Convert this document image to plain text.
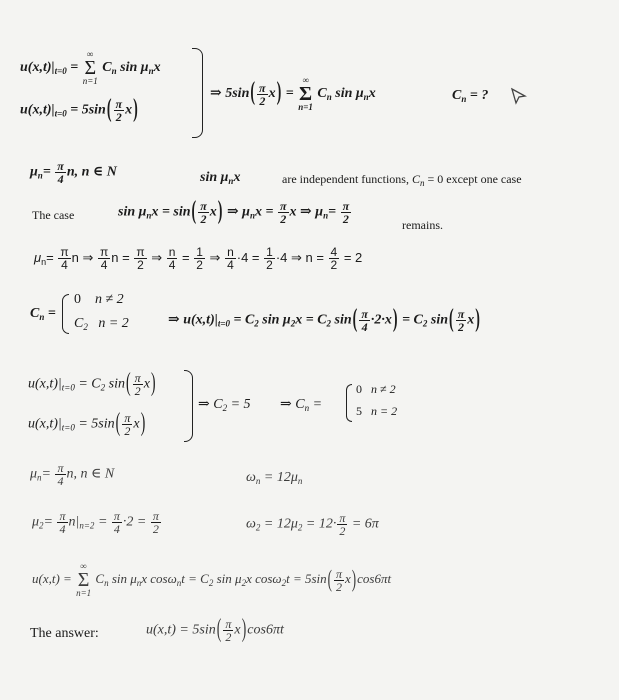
$u(x,t)|_{t=0}$ =
∞
Σ
n=1
$C_n$ $\sin \mu_nx$
$u(x,t)|_{t=0} = 5\sin( \frac{\pi}{2} x)$
⇒ $5\sin( \frac{\pi}{2} x)$ =
∞
Σ
n=1
$C_n$ $\sin \mu_nx$	$C_n$ = ?
$\mu_n= \frac{\pi}{4} n$, n ∈ N	$\sin \mu_nx$	are independent functions, $C_n = 0$ except one case
The case	$\sin \mu_nx = \sin( \frac{\pi}{2} x)$ ⇒ $\mu_nx = \frac{\pi}{2}$ x ⇒ $\mu_n= \frac{\pi}{2}$	remains.
$\mu_n= \frac{\pi}{4}$ n ⇒ $\frac{\pi}{4}$ $n = \frac{\pi}{2}$ ⇒ $\frac{n}{4} = \frac{1}{2}$ ⇒ $\frac{n}{4} \cdot 4 = \frac{1}{2} \cdot 4$ ⇒ $n = \frac{4}{2} = 2$
$C_n$ =
0    n ≠ 2
$C_2$   n = 2	⇒ $u(x,t)|_{t=0} = C_2$ $\sin \mu_2x = C_2$ $\sin( \frac{\pi}{4} \cdot 2\cdot x) = C_2$ $\sin( \frac{\pi}{2} x)$
$u(x,t)|_{t=0} = C_2$ $\sin( \frac{\pi}{2} x)$
$u(x,t)|_{t=0} = 5\sin( \frac{\pi}{2} x)$
⇒ $C_2 = 5$ ⇒ $C_n$ =
0   n ≠ 2
5   n = 2
$\mu_n= \frac{\pi}{4} n$, n ∈ N	$\omega_n = 12\mu_n$
$\mu_2= \frac{\pi}{4} n|_{n=2} = \frac{\pi}{4} \cdot 2 = \frac{\pi}{2}$	$\omega_2 = 12\mu_2 = 12\cdot \frac{\pi}{2} = 6\pi$
u(x,t) =
∞
Σ
n=1
$C_n$ $\sin \mu_nx$ $\cos\omega_nt = C_2$ $\sin \mu_2x$ $\cos\omega_2t = 5\sin( \frac{\pi}{2} x)\cos 6\pi t$
The answer:	$u(x,t) = 5\sin( \frac{\pi}{2} x)\cos 6\pi t$
